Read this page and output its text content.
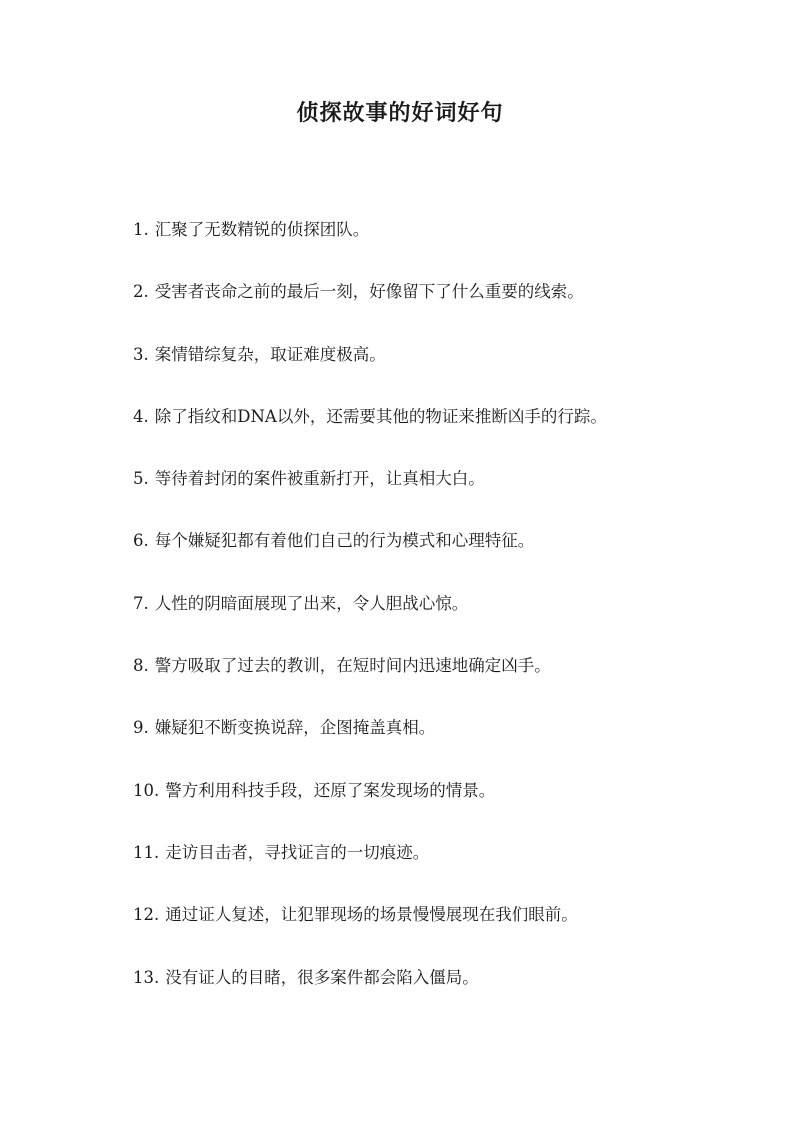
侦探故事的好词好句
1. 汇聚了无数精锐的侦探团队。
2. 受害者丧命之前的最后一刻，好像留下了什么重要的线索。
3. 案情错综复杂，取证难度极高。
4. 除了指纹和DNA以外，还需要其他的物证来推断凶手的行踪。
5. 等待着封闭的案件被重新打开，让真相大白。
6. 每个嫌疑犯都有着他们自己的行为模式和心理特征。
7. 人性的阴暗面展现了出来，令人胆战心惊。
8. 警方吸取了过去的教训，在短时间内迅速地确定凶手。
9. 嫌疑犯不断变换说辞，企图掩盖真相。
10. 警方利用科技手段，还原了案发现场的情景。
11. 走访目击者，寻找证言的一切痕迹。
12. 通过证人复述，让犯罪现场的场景慢慢展现在我们眼前。
13. 没有证人的目睹，很多案件都会陷入僵局。
